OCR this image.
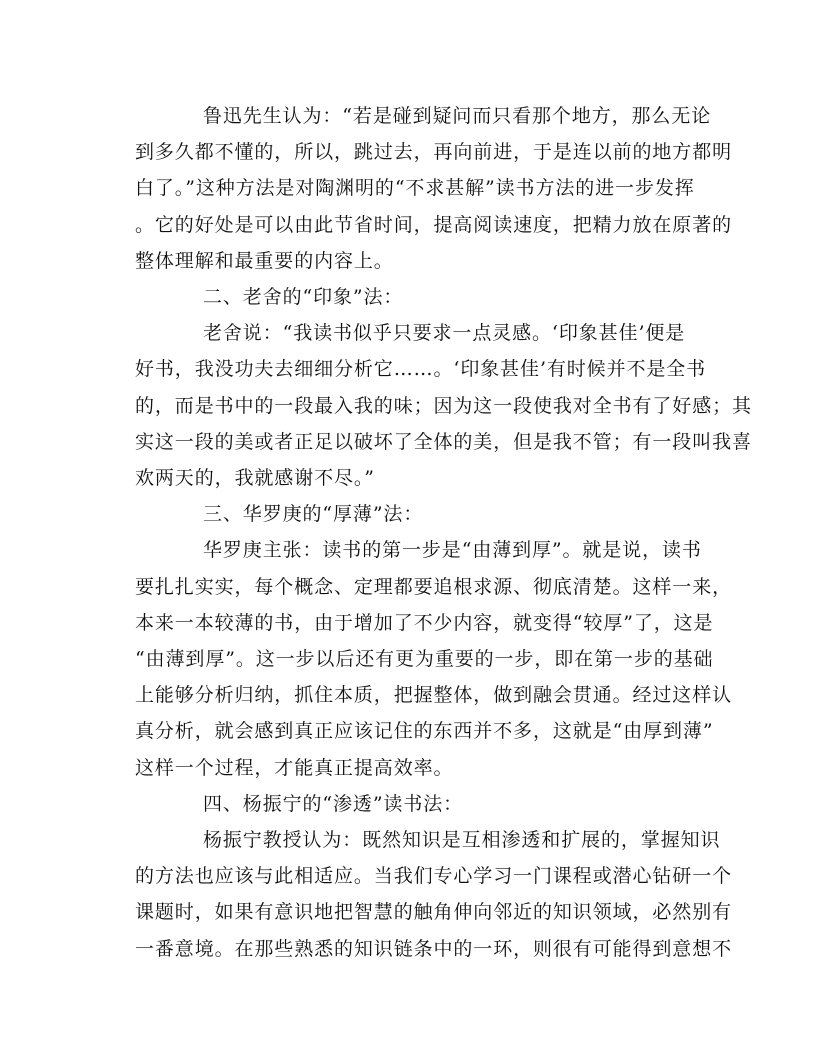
鲁迅先生认为：“若是碰到疑问而只看那个地方，那么无论
到多久都不懂的，所以，跳过去，再向前进，于是连以前的地方都明
白了。”这种方法是对陶渊明的“不求甚解”读书方法的进一步发挥
。它的好处是可以由此节省时间，提高阅读速度，把精力放在原著的
整体理解和最重要的内容上。
二、老舍的“印象”法：
老舍说：“我读书似乎只要求一点灵感。‘印象甚佳’便是
好书，我没功夫去细细分析它……。‘印象甚佳’有时候并不是全书
的，而是书中的一段最入我的味；因为这一段使我对全书有了好感；其
实这一段的美或者正足以破坏了全体的美，但是我不管；有一段叫我喜
欢两天的，我就感谢不尽。”
三、华罗庚的“厚薄”法：
华罗庚主张：读书的第一步是“由薄到厚”。就是说，读书
要扎扎实实，每个概念、定理都要追根求源、彻底清楚。这样一来，
本来一本较薄的书，由于增加了不少内容，就变得“较厚”了，这是
“由薄到厚”。这一步以后还有更为重要的一步，即在第一步的基础
上能够分析归纳，抓住本质，把握整体，做到融会贯通。经过这样认
真分析，就会感到真正应该记住的东西并不多，这就是“由厚到薄”
这样一个过程，才能真正提高效率。
四、杨振宁的“渗透”读书法：
杨振宁教授认为：既然知识是互相渗透和扩展的，掌握知识
的方法也应该与此相适应。当我们专心学习一门课程或潜心钻研一个
课题时，如果有意识地把智慧的触角伸向邻近的知识领域，必然别有
一番意境。在那些熟悉的知识链条中的一环，则很有可能得到意想不
